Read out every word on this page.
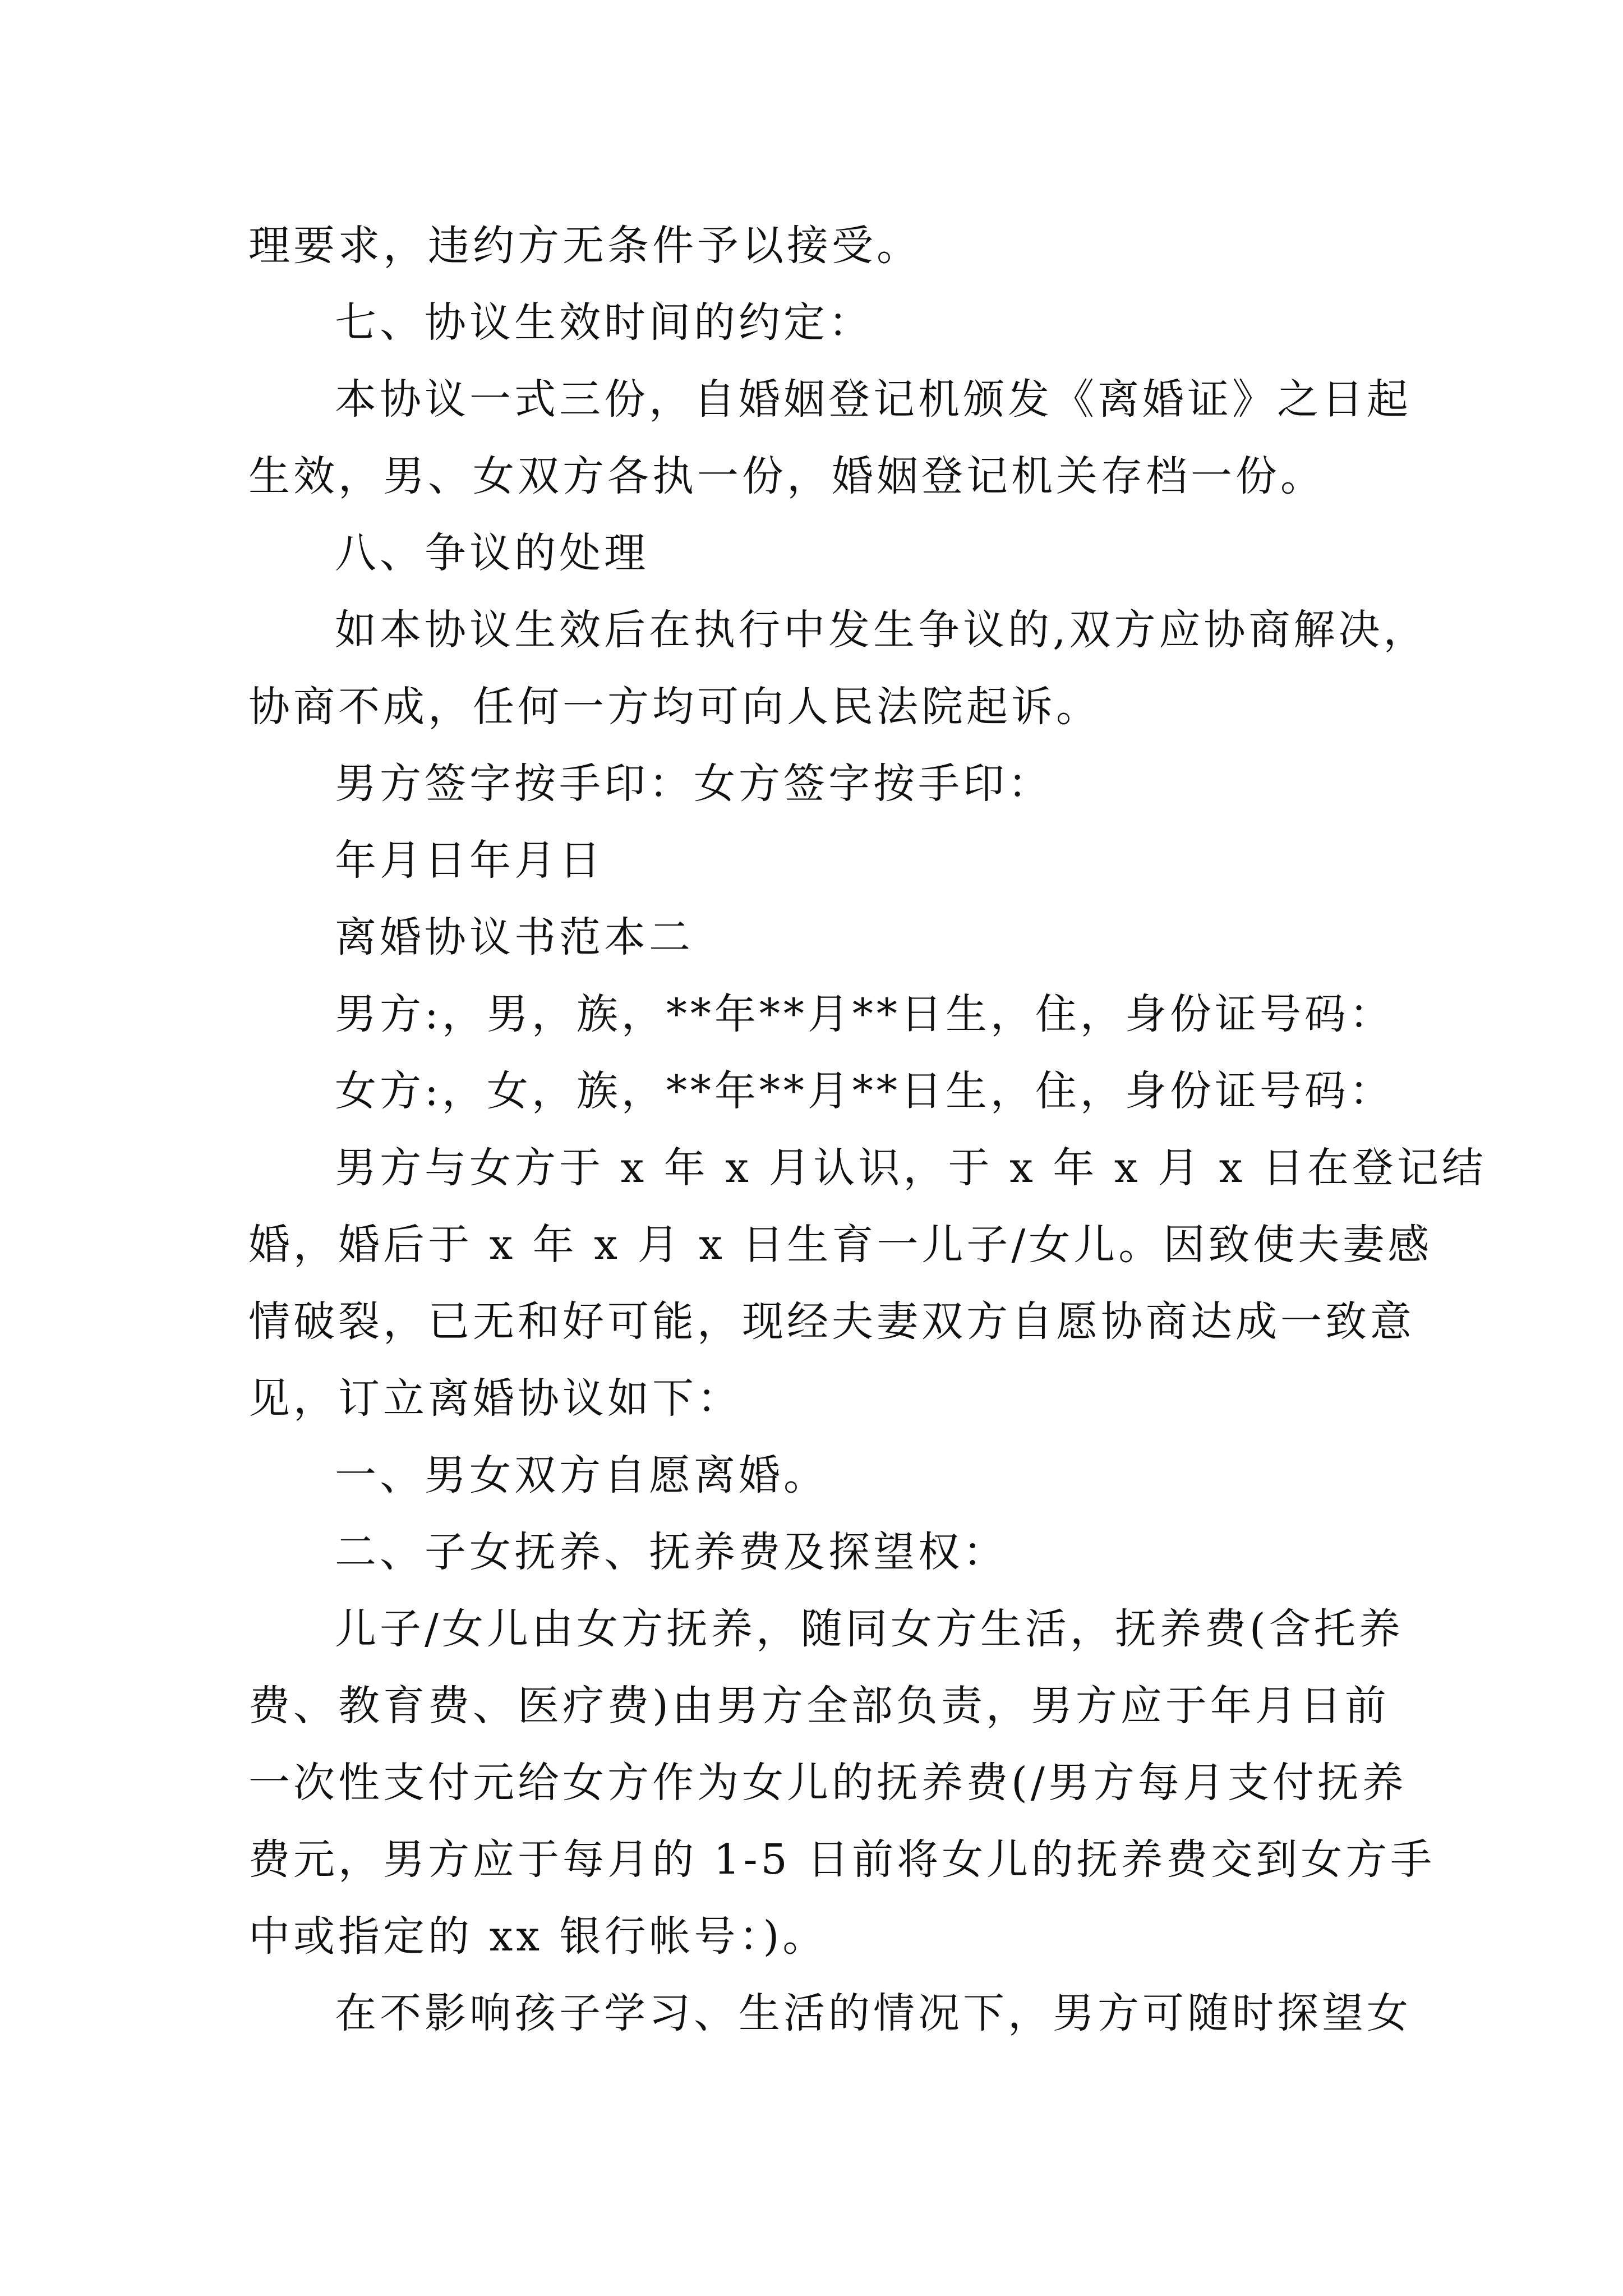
理要求，违约方无条件予以接受。
七、协议生效时间的约定：
本协议一式三份，自婚姻登记机颁发《离婚证》之日起
生效，男、女双方各执一份，婚姻登记机关存档一份。
八、争议的处理
如本协议生效后在执行中发生争议的,双方应协商解决，
协商不成，任何一方均可向人民法院起诉。
男方签字按手印：女方签字按手印：
年月日年月日
离婚协议书范本二
男方:，男，族，**年**月**日生，住，身份证号码：
女方:，女，族，**年**月**日生，住，身份证号码：
男方与女方于 x 年 x 月认识，于 x 年 x 月 x 日在登记结
婚，婚后于 x 年 x 月 x 日生育一儿子/女儿。因致使夫妻感
情破裂，已无和好可能，现经夫妻双方自愿协商达成一致意
见，订立离婚协议如下：
一、男女双方自愿离婚。
二、子女抚养、抚养费及探望权：
儿子/女儿由女方抚养，随同女方生活，抚养费(含托养
费、教育费、医疗费)由男方全部负责，男方应于年月日前
一次性支付元给女方作为女儿的抚养费(/男方每月支付抚养
费元，男方应于每月的 1-5 日前将女儿的抚养费交到女方手
中或指定的 xx 银行帐号：)。
在不影响孩子学习、生活的情况下，男方可随时探望女
